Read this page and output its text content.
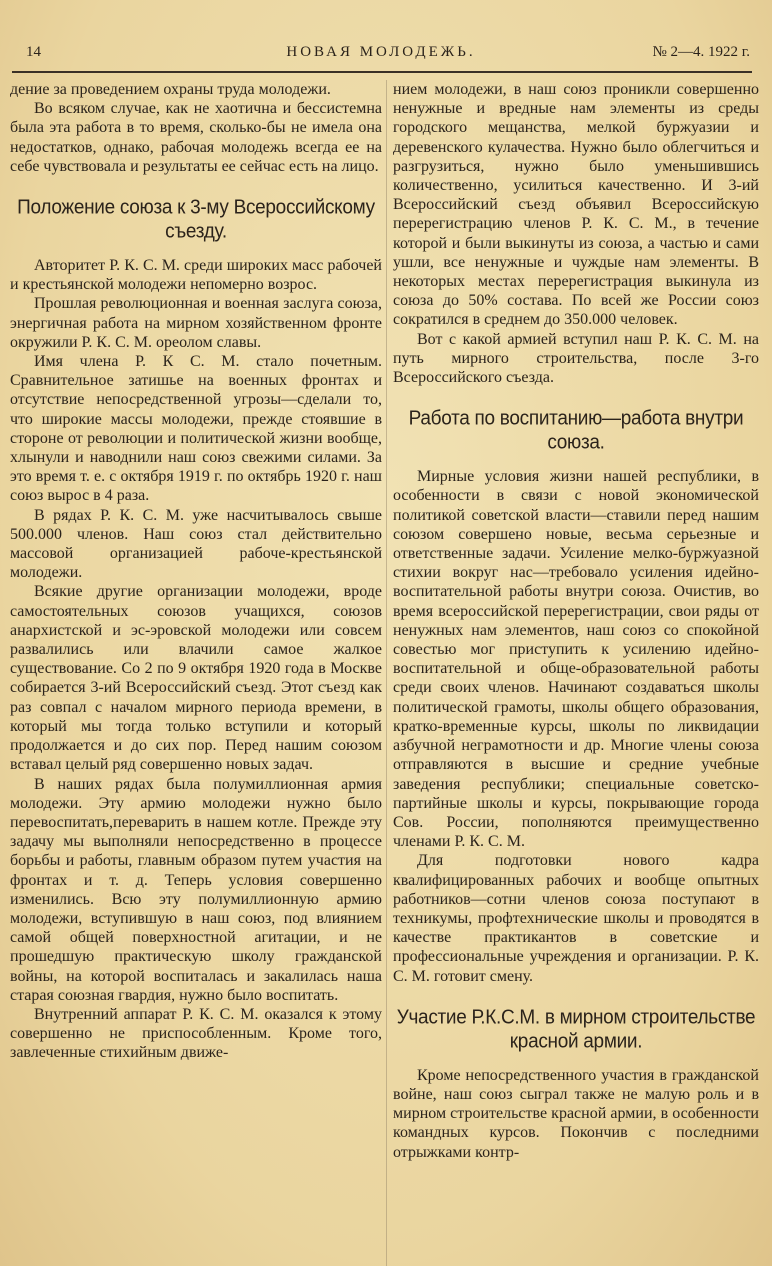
14	НОВАЯ МОЛОДЕЖЬ.	№ 2—4. 1922 г.

дение за проведением охраны труда молодежи.

Во всяком случае, как не хаотична и бессистемна была эта работа в то время, сколько-бы не имела она недостатков, однако, рабочая молодежь всегда ее на себе чувствовала и результаты ее сейчас есть на лицо.

Положение союза к 3-му Всероссийскому съезду.

Авторитет Р. К. С. М. среди широких масс рабочей и крестьянской молодежи непомерно возрос.

Прошлая революционная и военная заслуга союза, энергичная работа на мирном хозяйственном фронте окружили Р. К. С. М. ореолом славы.

Имя члена Р. К С. М. стало почетным. Сравнительное затишье на военных фронтах и отсутствие непосредственной угрозы—сделали то, что широкие массы молодежи, прежде стоявшие в стороне от революции и политической жизни вообще, хлынули и наводнили наш союз свежими силами. За это время т. е. с октября 1919 г. по октябрь 1920 г. наш союз вырос в 4 раза.

В рядах Р. К. С. М. уже насчитывалось свыше 500.000 членов. Наш союз стал действительно массовой организацией рабоче-крестьянской молодежи.

Всякие другие организации молодежи, вроде самостоятельных союзов учащихся, союзов анархистской и эс-эровской молодежи или совсем развалились или влачили самое жалкое существование. Со 2 по 9 октября 1920 года в Москве собирается 3-ий Всероссийский съезд. Этот съезд как раз совпал с началом мирного периода времени, в который мы тогда только вступили и который продолжается и до сих пор. Перед нашим союзом вставал целый ряд совершенно новых задач.

В наших рядах была полумиллионная армия молодежи. Эту армию молодежи нужно было перевоспитать,переварить в нашем котле. Прежде эту задачу мы выполняли непосредственно в процессе борьбы и работы, главным образом путем участия на фронтах и т. д. Теперь условия совершенно изменились. Всю эту полумиллионную армию молодежи, вступившую в наш союз, под влиянием самой общей поверхностной агитации, и не прошедшую практическую школу гражданской войны, на которой воспиталась и закалилась наша старая союзная гвардия, нужно было воспитать.

Внутренний аппарат Р. К. С. М. оказался к этому совершенно не приспособленным. Кроме того, завлеченные стихийным движе-

нием молодежи, в наш союз проникли совершенно ненужные и вредные нам элементы из среды городского мещанства, мелкой буржуазии и деревенского кулачества. Нужно было облегчиться и разгрузиться, нужно было уменьшившись количественно, усилиться качественно. И 3-ий Всероссийский съезд объявил Всероссийскую перерегистрацию членов Р. К. С. М., в течение которой и были выкинуты из союза, а частью и сами ушли, все ненужные и чуждые нам элементы. В некоторых местах перерегистрация выкинула из союза до 50% состава. По всей же России союз сократился в среднем до 350.000 человек.

Вот с какой армией вступил наш Р. К. С. М. на путь мирного строительства, после 3-го Всероссийского съезда.

Работа по воспитанию—работа внутри союза.

Мирные условия жизни нашей республики, в особенности в связи с новой экономической политикой советской власти—ставили перед нашим союзом совершено новые, весьма серьезные и ответственные задачи. Усиление мелко-буржуазной стихии вокруг нас—требовало усиления идейно-воспитательной работы внутри союза. Очистив, во время всероссийской перерегистрации, свои ряды от ненужных нам элементов, наш союз со спокойной совестью мог приступить к усилению идейно-воспитательной и обще-образовательной работы среди своих членов. Начинают создаваться школы политической грамоты, школы общего образования, кратко-временные курсы, школы по ликвидации азбучной неграмотности и др. Многие члены союза отправляются в высшие и средние учебные заведения республики; специальные советско-партийные школы и курсы, покрывающие города Сов. России, пополняются преимущественно членами Р. К. С. М.

Для подготовки нового кадра квалифицированных рабочих и вообще опытных работников—сотни членов союза поступают в техникумы, профтехнические школы и проводятся в качестве практикантов в советские и профессиональные учреждения и организации. Р. К. С. М. готовит смену.

Участие Р.К.С.М. в мирном строительстве красной армии.

Кроме непосредственного участия в гражданской войне, наш союз сыграл также не малую роль и в мирном строительстве красной армии, в особенности командных курсов. Покончив с последними отрыжками контр-
